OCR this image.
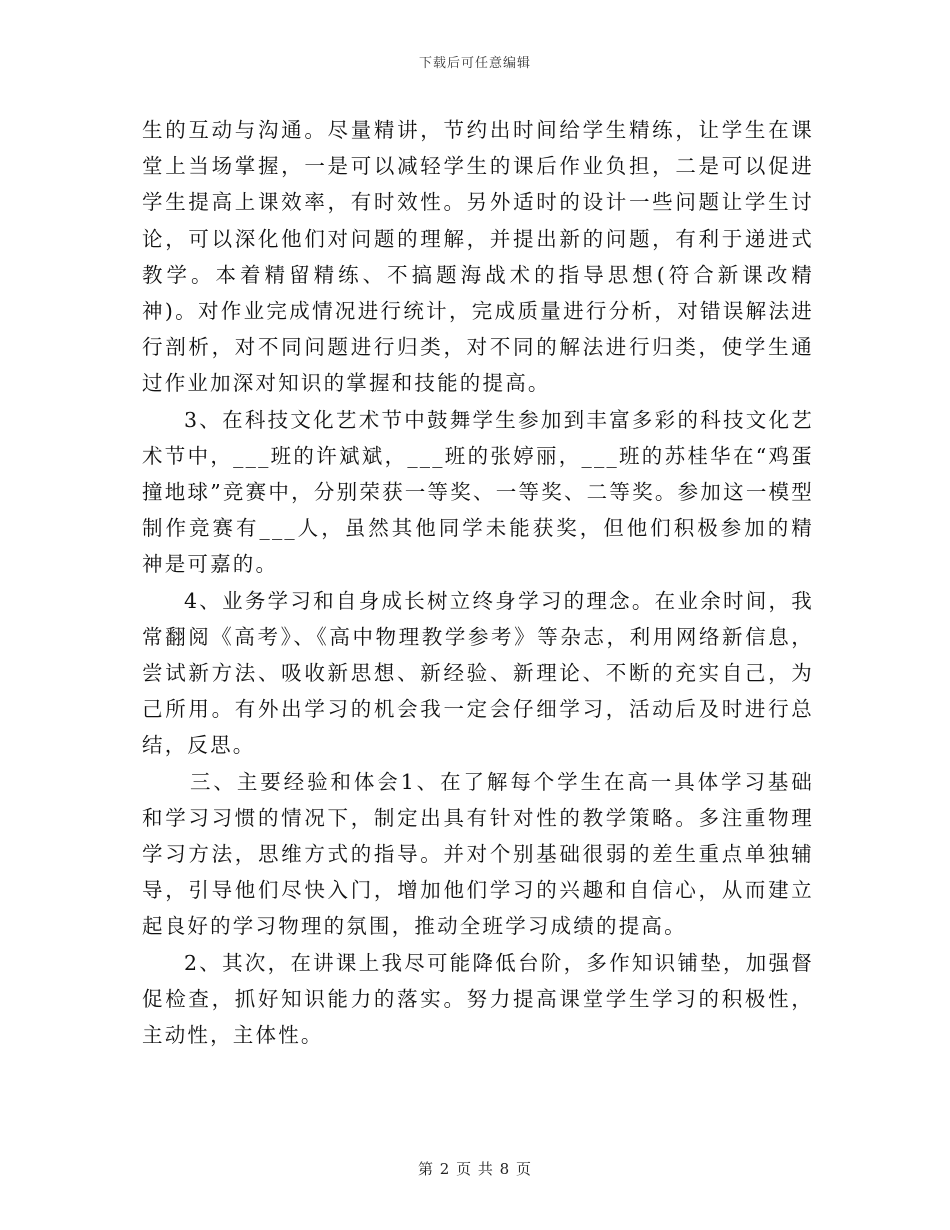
下载后可任意编辑

生的互动与沟通。尽量精讲，节约出时间给学生精练，让学生在课堂上当场掌握，一是可以减轻学生的课后作业负担，二是可以促进学生提高上课效率，有时效性。另外适时的设计一些问题让学生讨论，可以深化他们对问题的理解，并提出新的问题，有利于递进式教学。本着精留精练、不搞题海战术的指导思想(符合新课改精神)。对作业完成情况进行统计，完成质量进行分析，对错误解法进行剖析，对不同问题进行归类，对不同的解法进行归类，使学生通过作业加深对知识的掌握和技能的提高。

3、在科技文化艺术节中鼓舞学生参加到丰富多彩的科技文化艺术节中，___班的许斌斌，___班的张婷丽，___班的苏桂华在“鸡蛋撞地球”竞赛中，分别荣获一等奖、一等奖、二等奖。参加这一模型制作竞赛有___人，虽然其他同学未能获奖，但他们积极参加的精神是可嘉的。

4、业务学习和自身成长树立终身学习的理念。在业余时间，我常翻阅《高考》、《高中物理教学参考》等杂志，利用网络新信息，尝试新方法、吸收新思想、新经验、新理论、不断的充实自己，为己所用。有外出学习的机会我一定会仔细学习，活动后及时进行总结，反思。

三、主要经验和体会1、在了解每个学生在高一具体学习基础和学习习惯的情况下，制定出具有针对性的教学策略。多注重物理学习方法，思维方式的指导。并对个别基础很弱的差生重点单独辅导，引导他们尽快入门，增加他们学习的兴趣和自信心，从而建立起良好的学习物理的氛围，推动全班学习成绩的提高。

2、其次，在讲课上我尽可能降低台阶，多作知识铺垫，加强督促检查，抓好知识能力的落实。努力提高课堂学生学习的积极性，主动性，主体性。

第 2 页 共 8 页
